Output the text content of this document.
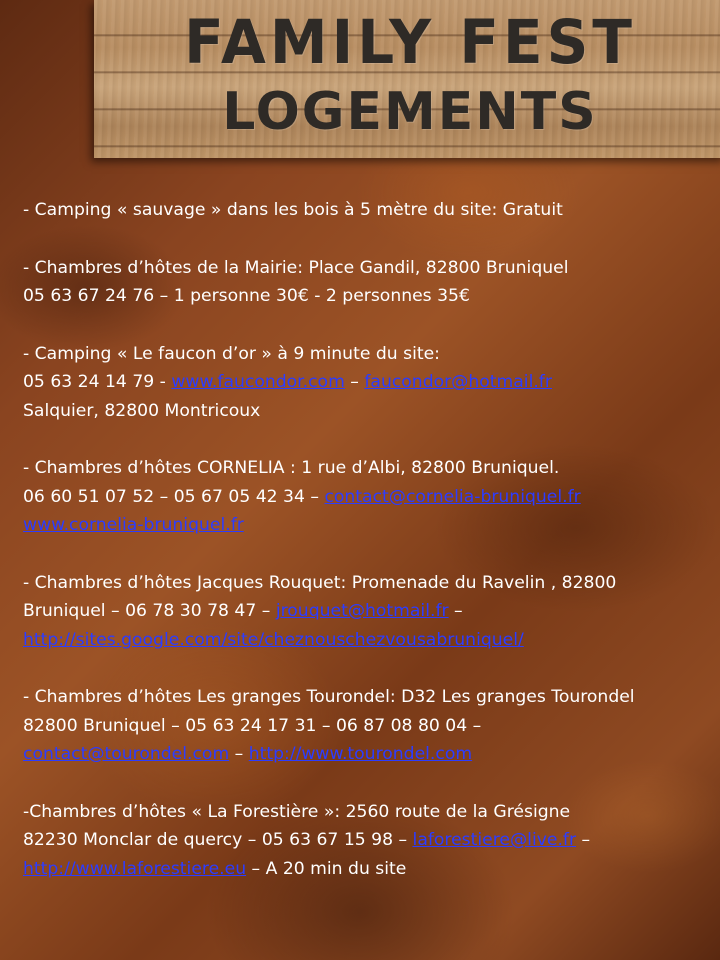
FAMILY FEST
LOGEMENTS
- Camping « sauvage » dans les bois à 5 mètre du site: Gratuit
- Chambres d’hôtes de la Mairie: Place Gandil, 82800 Bruniquel
05 63 67 24 76 – 1 personne 30€ - 2 personnes 35€
- Camping « Le faucon d’or » à 9 minute du site:
05 63 24 14 79 - www.faucondor.com – faucondor@hotmail.fr
Salquier, 82800 Montricoux
- Chambres d’hôtes CORNELIA : 1 rue d’Albi, 82800 Bruniquel.
06 60 51 07 52 – 05 67 05 42 34 – contact@cornelia-bruniquel.fr
www.cornelia-bruniquel.fr
- Chambres d’hôtes Jacques Rouquet: Promenade du Ravelin , 82800
Bruniquel – 06 78 30 78 47 – jrouquet@hotmail.fr –
http://sites.google.com/site/cheznouschezvousabruniquel/
- Chambres d’hôtes Les granges Tourondel: D32 Les granges Tourondel
82800 Bruniquel – 05 63 24 17 31 – 06 87 08 80 04 –
contact@tourondel.com – http://www.tourondel.com
-Chambres d’hôtes « La Forestière »: 2560 route de la Grésigne
82230 Monclar de quercy – 05 63 67 15 98 – laforestiere@live.fr –
http://www.laforestiere.eu – A 20 min du site
